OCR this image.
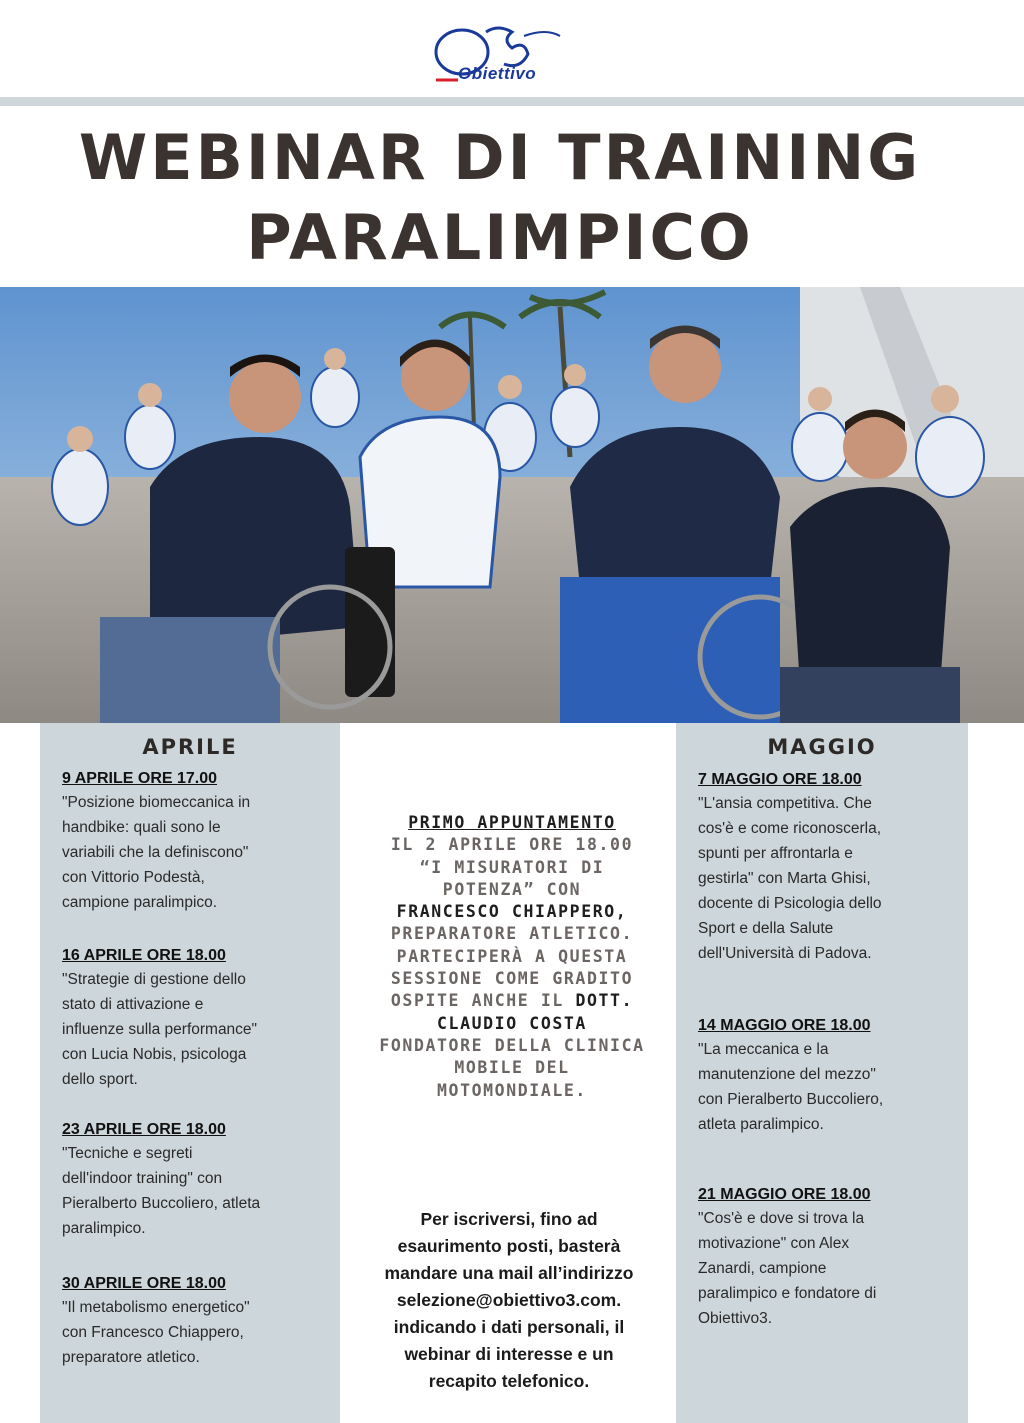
Obiettivo
WEBINAR DI TRAINING
PARALIMPICO
APRILE
9 APRILE ORE 17.00
"Posizione biomeccanica in
handbike: quali sono le
variabili che la definiscono"
con Vittorio Podestà,
campione paralimpico.
16 APRILE ORE 18.00
"Strategie di gestione dello
stato di attivazione e
influenze sulla performance"
con Lucia Nobis, psicologa
dello sport.
23 APRILE ORE 18.00
"Tecniche e segreti
dell'indoor training" con
Pieralberto Buccoliero, atleta
paralimpico.
30 APRILE ORE 18.00
"Il metabolismo energetico"
con Francesco Chiappero,
preparatore atletico.
PRIMO APPUNTAMENTO
IL 2 APRILE ORE 18.00
“I MISURATORI DI
POTENZA” CON
FRANCESCO CHIAPPERO,
PREPARATORE ATLETICO.
PARTECIPERÀ A QUESTA
SESSIONE COME GRADITO
OSPITE ANCHE IL DOTT.
CLAUDIO COSTA
FONDATORE DELLA CLINICA
MOBILE DEL
MOTOMONDIALE.
Per iscriversi, fino ad
esaurimento posti, basterà
mandare una mail all’indirizzo
selezione@obiettivo3.com.
indicando i dati personali, il
webinar di interesse e un
recapito telefonico.
MAGGIO
7 MAGGIO ORE 18.00
"L'ansia competitiva. Che
cos'è e come riconoscerla,
spunti per affrontarla e
gestirla" con Marta Ghisi,
docente di Psicologia dello
Sport e della Salute
dell'Università di Padova.
14 MAGGIO ORE 18.00
"La meccanica e la
manutenzione del mezzo"
con Pieralberto Buccoliero,
atleta paralimpico.
21 MAGGIO ORE 18.00
"Cos'è e dove si trova la
motivazione" con Alex
Zanardi, campione
paralimpico e fondatore di
Obiettivo3.
